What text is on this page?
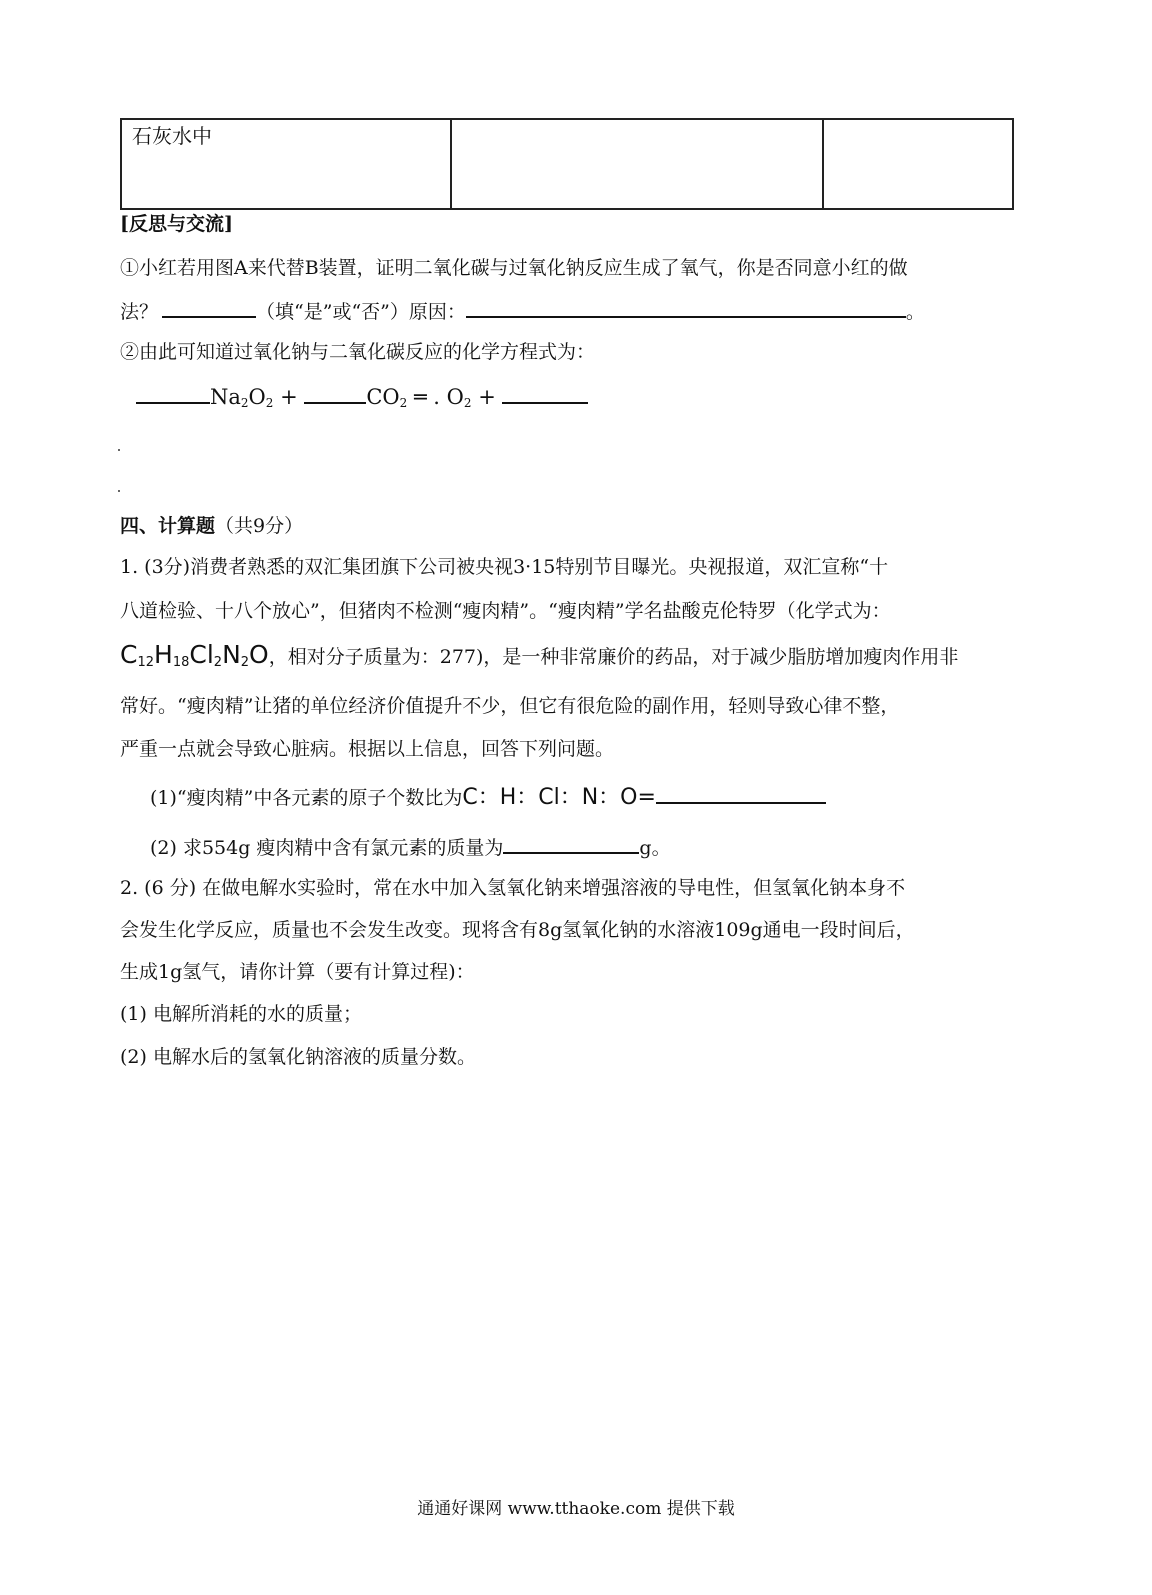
石灰水中		
[反思与交流]
①小红若用图A来代替B装置，证明二氧化碳与过氧化钠反应生成了氧气，你是否同意小红的做
法？	（填“是”或“否”）原因：	。
②由此可知道过氧化钠与二氧化碳反应的化学方程式为：
$Na_2O_2$ +	$CO_2$ ═ . $O_2$ +
四、计算题（共9分）
1. (3分)消费者熟悉的双汇集团旗下公司被央视3·15特别节目曝光。央视报道，双汇宣称“十
八道检验、十八个放心”，但猪肉不检测“瘦肉精”。“瘦肉精”学名盐酸克伦特罗（化学式为：
$C_{12}H_{18}Cl_2N_2O$，相对分子质量为：277)，是一种非常廉价的药品，对于减少脂肪增加瘦肉作用非
常好。“瘦肉精”让猪的单位经济价值提升不少，但它有很危险的副作用，轻则导致心律不整，
严重一点就会导致心脏病。根据以上信息，回答下列问题。
(1)“瘦肉精”中各元素的原子个数比为C：H：Cl：N：O=
(2) 求554g 瘦肉精中含有氯元素的质量为	g。
2. (6 分) 在做电解水实验时，常在水中加入氢氧化钠来增强溶液的导电性，但氢氧化钠本身不
会发生化学反应，质量也不会发生改变。现将含有8g氢氧化钠的水溶液109g通电一段时间后，
生成1g氢气，请你计算（要有计算过程)：
(1) 电解所消耗的水的质量；
(2) 电解水后的氢氧化钠溶液的质量分数。
通通好课网 www.tthaoke.com 提供下载
